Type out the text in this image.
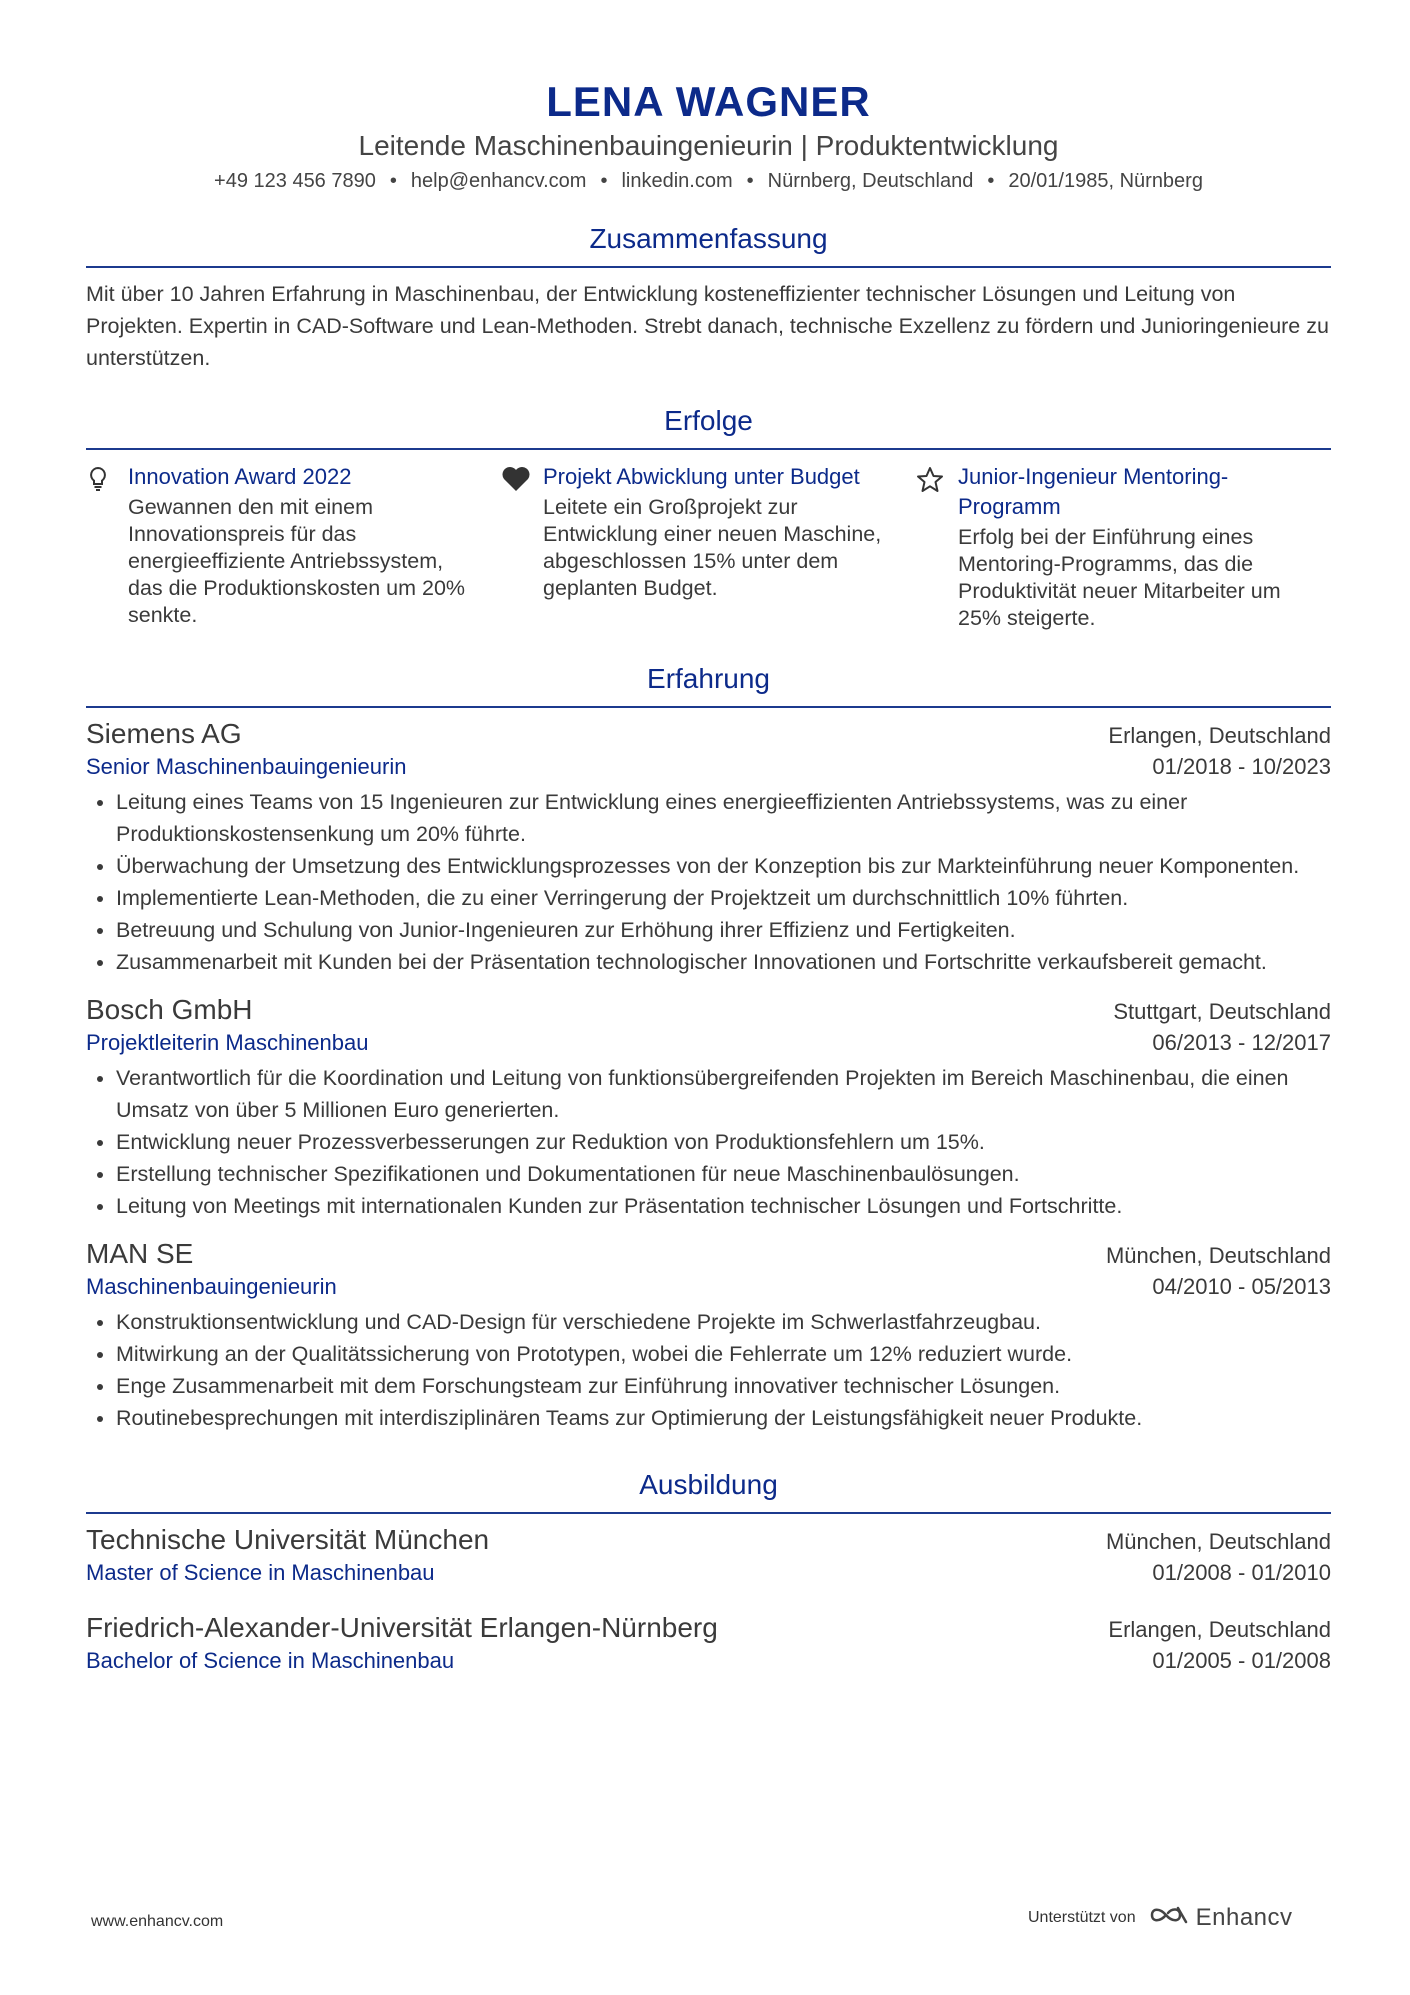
LENA WAGNER
Leitende Maschinenbauingenieurin | Produktentwicklung
+49 123 456 7890 • help@enhancv.com • linkedin.com • Nürnberg, Deutschland • 20/01/1985, Nürnberg
Zusammenfassung
Mit über 10 Jahren Erfahrung in Maschinenbau, der Entwicklung kosteneffizienter technischer Lösungen und Leitung von Projekten. Expertin in CAD-Software und Lean-Methoden. Strebt danach, technische Exzellenz zu fördern und Junioringenieure zu unterstützen.
Erfolge
Innovation Award 2022
Gewannen den mit einem Innovationspreis für das energieeffiziente Antriebssystem, das die Produktionskosten um 20% senkte.
Projekt Abwicklung unter Budget
Leitete ein Großprojekt zur Entwicklung einer neuen Maschine, abgeschlossen 15% unter dem geplanten Budget.
Junior-Ingenieur Mentoring-Programm
Erfolg bei der Einführung eines Mentoring-Programms, das die Produktivität neuer Mitarbeiter um 25% steigerte.
Erfahrung
Siemens AG	Erlangen, Deutschland
Senior Maschinenbauingenieurin	01/2018 - 10/2023
• Leitung eines Teams von 15 Ingenieuren zur Entwicklung eines energieeffizienten Antriebssystems, was zu einer Produktionskostensenkung um 20% führte.
• Überwachung der Umsetzung des Entwicklungsprozesses von der Konzeption bis zur Markteinführung neuer Komponenten.
• Implementierte Lean-Methoden, die zu einer Verringerung der Projektzeit um durchschnittlich 10% führten.
• Betreuung und Schulung von Junior-Ingenieuren zur Erhöhung ihrer Effizienz und Fertigkeiten.
• Zusammenarbeit mit Kunden bei der Präsentation technologischer Innovationen und Fortschritte verkaufsbereit gemacht.
Bosch GmbH	Stuttgart, Deutschland
Projektleiterin Maschinenbau	06/2013 - 12/2017
• Verantwortlich für die Koordination und Leitung von funktionsübergreifenden Projekten im Bereich Maschinenbau, die einen Umsatz von über 5 Millionen Euro generierten.
• Entwicklung neuer Prozessverbesserungen zur Reduktion von Produktionsfehlern um 15%.
• Erstellung technischer Spezifikationen und Dokumentationen für neue Maschinenbaulösungen.
• Leitung von Meetings mit internationalen Kunden zur Präsentation technischer Lösungen und Fortschritte.
MAN SE	München, Deutschland
Maschinenbauingenieurin	04/2010 - 05/2013
• Konstruktionsentwicklung und CAD-Design für verschiedene Projekte im Schwerlastfahrzeugbau.
• Mitwirkung an der Qualitätssicherung von Prototypen, wobei die Fehlerrate um 12% reduziert wurde.
• Enge Zusammenarbeit mit dem Forschungsteam zur Einführung innovativer technischer Lösungen.
• Routinebesprechungen mit interdisziplinären Teams zur Optimierung der Leistungsfähigkeit neuer Produkte.
Ausbildung
Technische Universität München	München, Deutschland
Master of Science in Maschinenbau	01/2008 - 01/2010
Friedrich-Alexander-Universität Erlangen-Nürnberg	Erlangen, Deutschland
Bachelor of Science in Maschinenbau	01/2005 - 01/2008
www.enhancv.com	Unterstützt von	Enhancv
